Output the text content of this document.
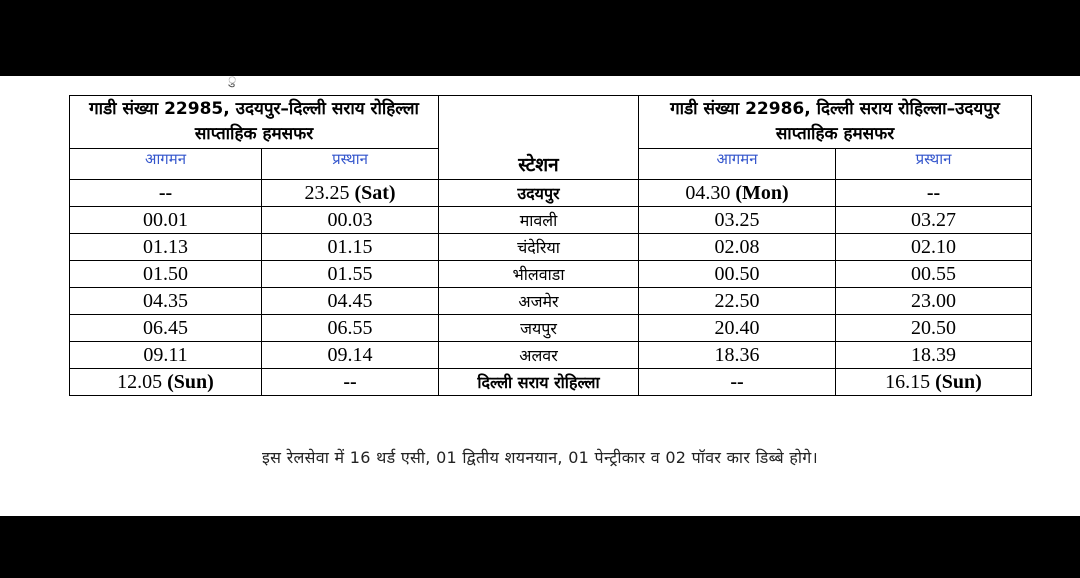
ु
गाडी संख्या 22985, उदयपुर–दिल्ली सराय रोहिल्ला साप्ताहिक हमसफर		स्टेशन	गाडी संख्या 22986, दिल्ली सराय रोहिल्ला–उदयपुर साप्ताहिक हमसफर	
आगमन	प्रस्थान		आगमन	प्रस्थान
--	23.25 (Sat)	उदयपुर	04.30 (Mon)	--
00.01	00.03	मावली	03.25	03.27
01.13	01.15	चंदेरिया	02.08	02.10
01.50	01.55	भीलवाडा	00.50	00.55
04.35	04.45	अजमेर	22.50	23.00
06.45	06.55	जयपुर	20.40	20.50
09.11	09.14	अलवर	18.36	18.39
12.05 (Sun)	--	दिल्ली सराय रोहिल्ला	--	16.15 (Sun)
इस रेलसेवा में 16 थर्ड एसी, 01 द्वितीय शयनयान, 01 पेन्ट्रीकार व 02 पॉवर कार डिब्बे होगे।
